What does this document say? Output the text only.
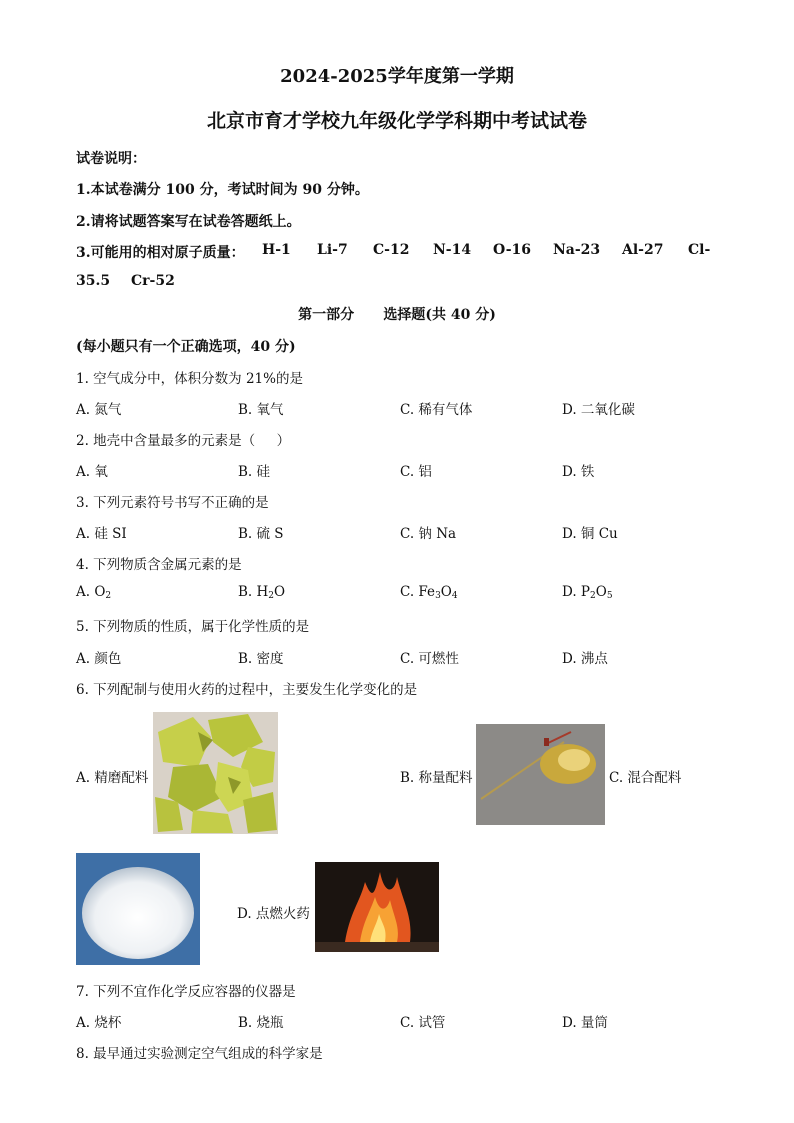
2024-2025学年度第一学期
北京市育才学校九年级化学学科期中考试试卷
试卷说明：
1.本试卷满分 100 分，考试时间为 90 分钟。
2.请将试题答案写在试卷答题纸上。
3.可能用的相对原子质量： H-1 Li-7 C-12 N-14 O-16 Na-23 Al-27 Cl-
35.5 Cr-52
第一部分      选择题(共 40 分)
(每小题只有一个正确选项，40 分)
1. 空气成分中，体积分数为 21%的是
A. 氮气	B. 氧气	C. 稀有气体	D. 二氧化碳
2. 地壳中含量最多的元素是（     ）
A. 氧	B. 硅	C. 铝	D. 铁
3. 下列元素符号书写不正确的是
A. 硅 SI	B. 硫 S	C. 钠 Na	D. 铜 Cu
4. 下列物质含金属元素的是
A. $O_2$	B. $H_2O$	C. $Fe_3O_4$	D. $P_2O_5$
5. 下列物质的性质，属于化学性质的是
A. 颜色	B. 密度	C. 可燃性	D. 沸点
6. 下列配制与使用火药的过程中，主要发生化学变化的是
A. 精磨配料	B. 称量配料	C. 混合配料
D. 点燃火药
7. 下列不宜作化学反应容器的仪器是
A. 烧杯	B. 烧瓶	C. 试管	D. 量筒
8. 最早通过实验测定空气组成的科学家是
